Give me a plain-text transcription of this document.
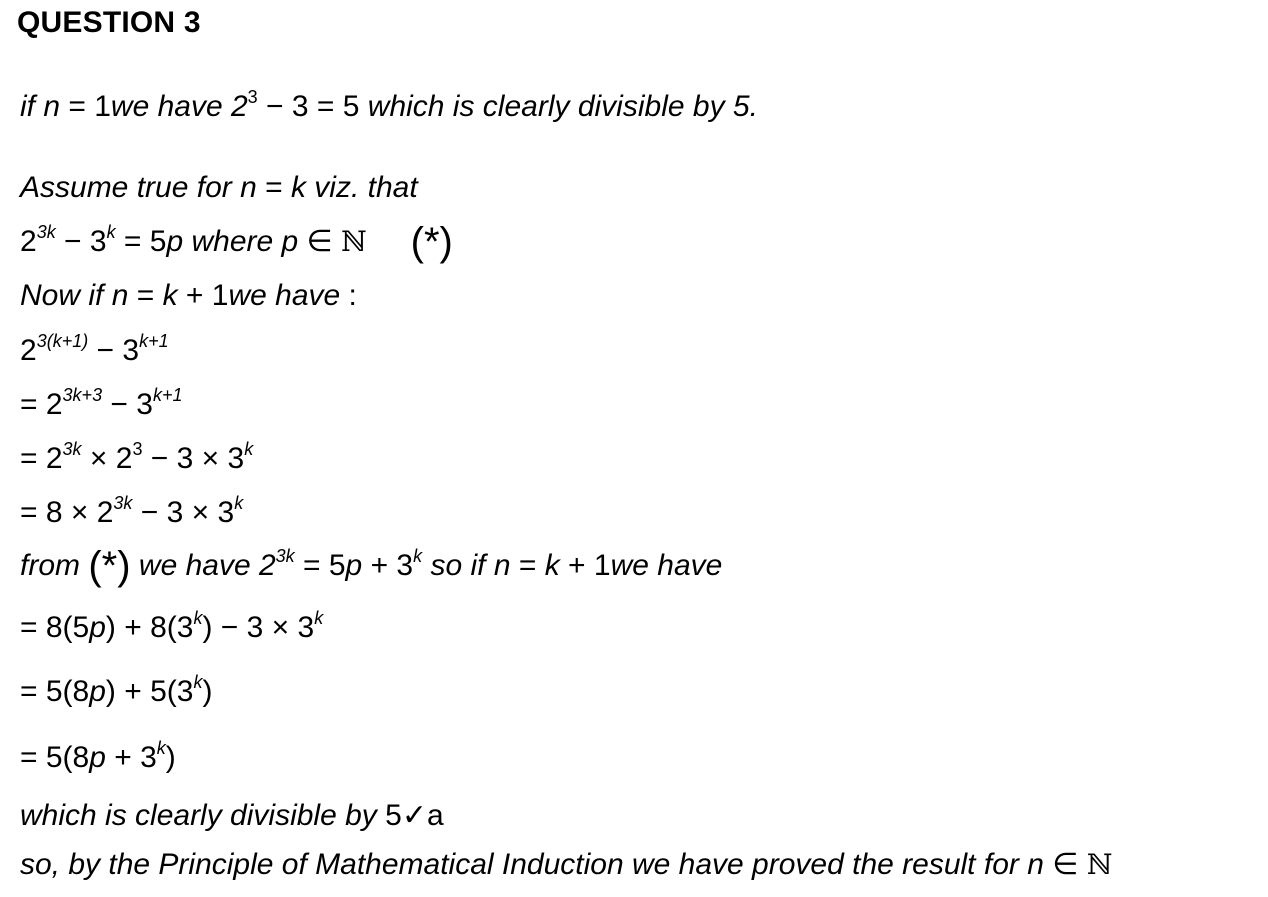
QUESTION 3
if n = 1we have $2^3 - 3 = 5$ which is clearly divisible by 5.
Assume true for n = k viz. that
$2^{3k} - 3^k = 5p$ where p ∈ ℕ (*)
Now if n = k + 1we have :
$2^{3(k+1)} - 3^{k+1}$
= $2^{3k+3} - 3^{k+1}$
= $2^{3k} \times 2^3 - 3 \times 3^k$
= $8 \times 2^{3k} - 3 \times 3^k$
from (*) we have $2^{3k} = 5p + 3^k$ so if n = k + 1we have
= $8(5p) + 8(3^k) - 3 \times 3^k$
= $5(8p) + 5(3^k)$
= $5(8p + 3^k)$
which is clearly divisible by 5✓a
so, by the Principle of Mathematical Induction we have proved the result for n ∈ ℕ
